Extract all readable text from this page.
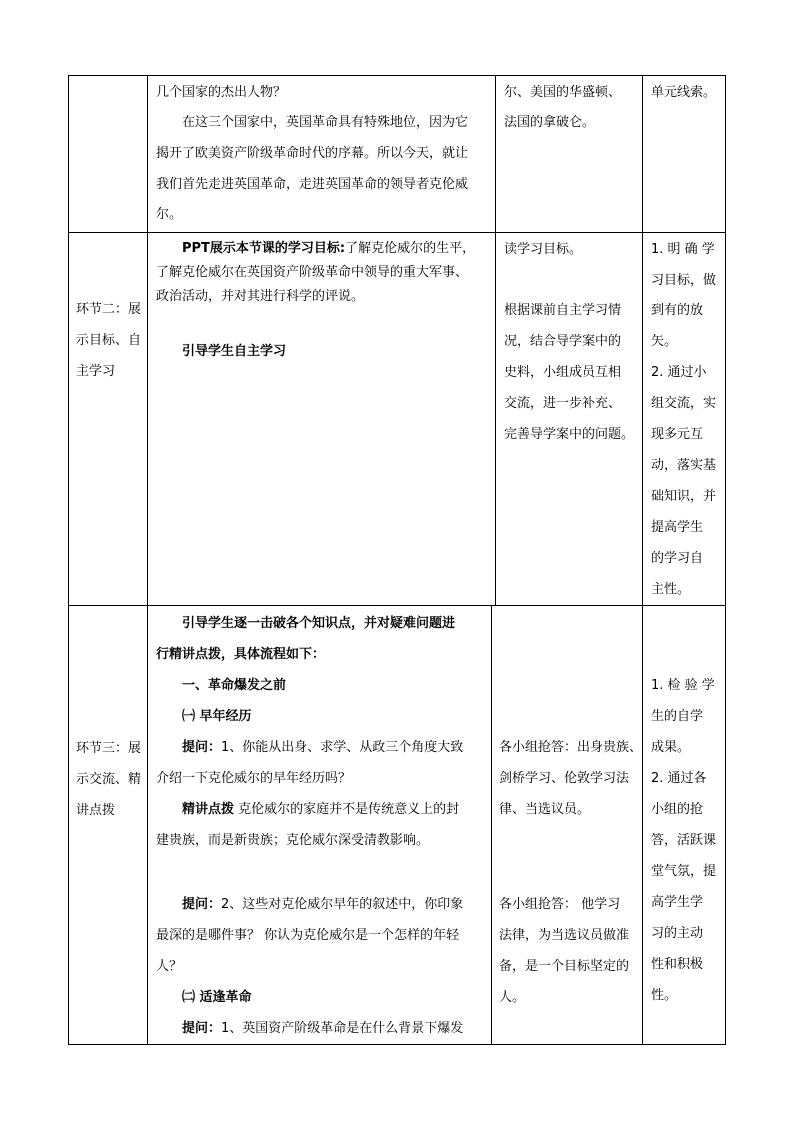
几个国家的杰出人物？
在这三个国家中，英国革命具有特殊地位，因为它
揭开了欧美资产阶级革命时代的序幕。所以今天，就让
我们首先走进英国革命，走进英国革命的领导者克伦威
尔。
尔、美国的华盛顿、
法国的拿破仑。
单元线索。
环节二：展
示目标、自
主学习
PPT展示本节课的学习目标:了解克伦威尔的生平，
了解克伦威尔在英国资产阶级革命中领导的重大军事、
政治活动，并对其进行科学的评说。
引导学生自主学习
读学习目标。
根据课前自主学习情
况，结合导学案中的
史料，小组成员互相
交流，进一步补充、
完善导学案中的问题。
1. 明 确 学
习目标，做
到有的放
矢。
2. 通过小
组交流，实
现多元互
动，落实基
础知识，并
提高学生
的学习自
主性。
环节三：展
示交流、精
讲点拨
引导学生逐一击破各个知识点，并对疑难问题进
行精讲点拨，具体流程如下：
一、革命爆发之前
㈠ 早年经历
提问：1、你能从出身、求学、从政三个角度大致
介绍一下克伦威尔的早年经历吗？
精讲点拨 克伦威尔的家庭并不是传统意义上的封
建贵族，而是新贵族；克伦威尔深受清教影响。
提问：2、这些对克伦威尔早年的叙述中，你印象
最深的是哪件事？ 你认为克伦威尔是一个怎样的年轻
人？
㈡ 适逢革命
提问：1、英国资产阶级革命是在什么背景下爆发
各小组抢答：出身贵族、
剑桥学习、伦敦学习法
律、当选议员。
各小组抢答： 他学习
法律，为当选议员做准
备，是一个目标坚定的
人。
1. 检 验 学
生的自学
成果。
2. 通过各
小组的抢
答，活跃课
堂气氛，提
高学生学
习的主动
性和积极
性。
